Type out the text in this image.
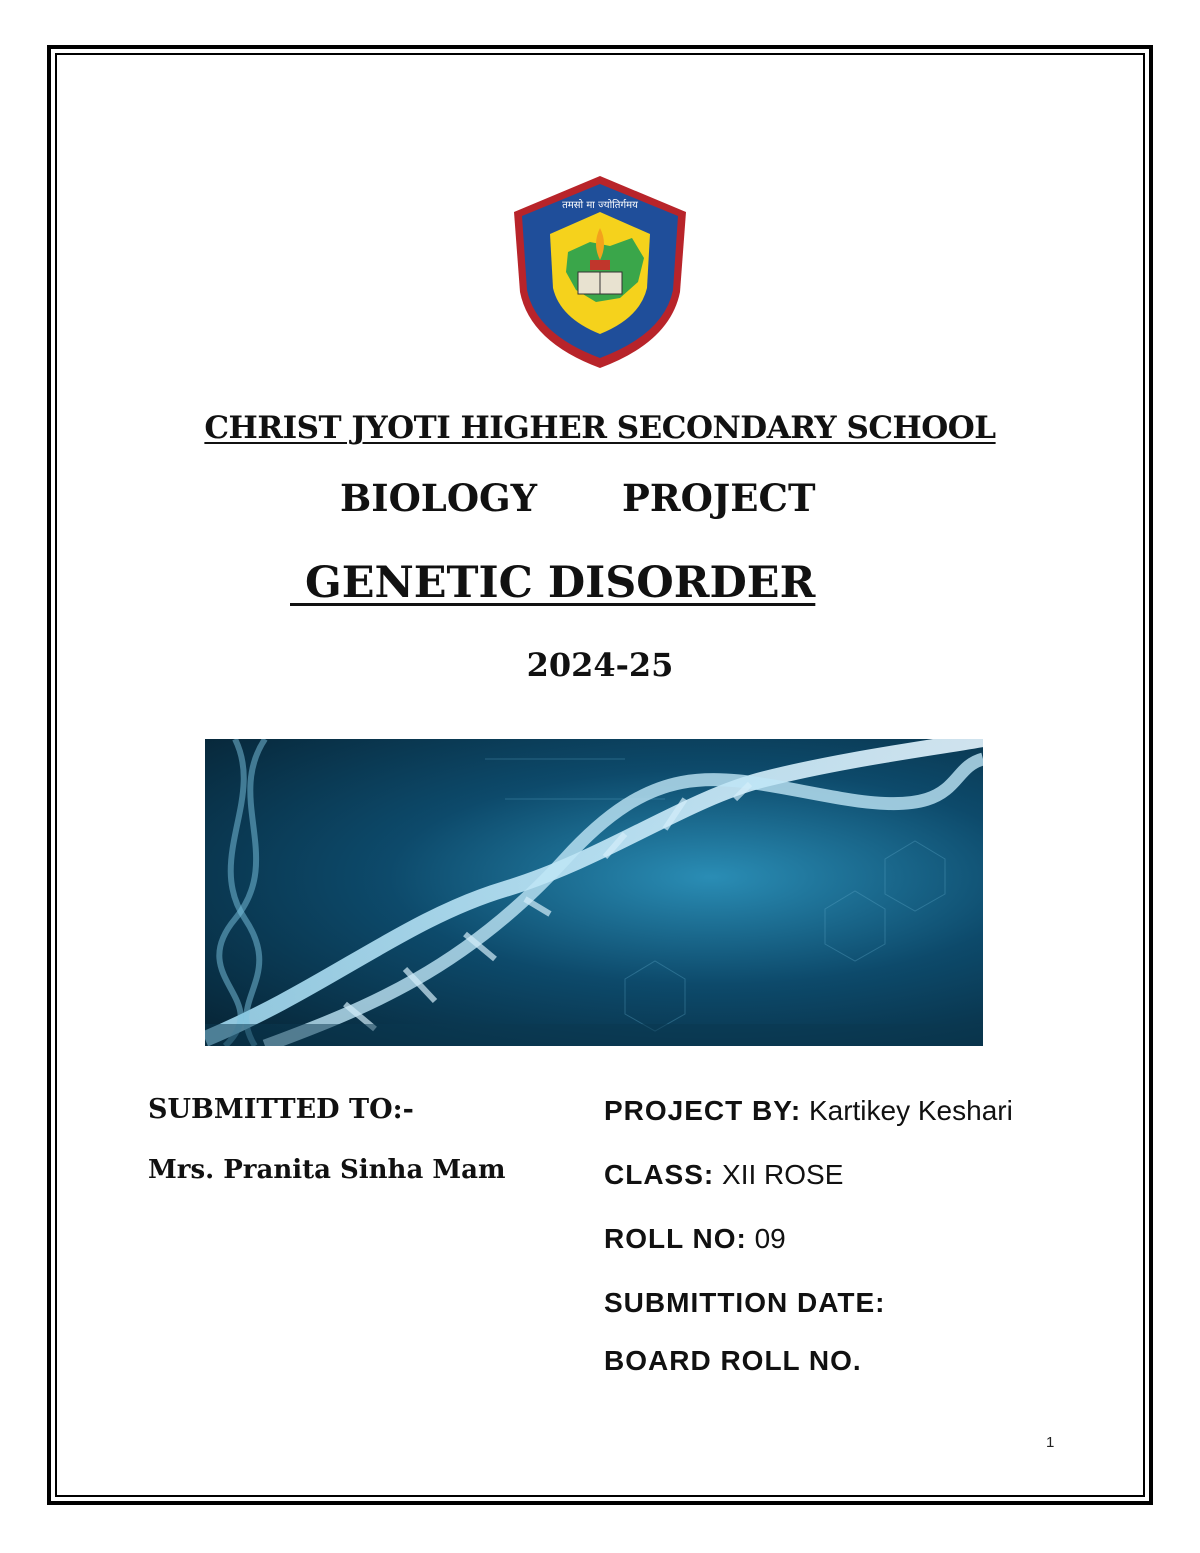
तमसो मा ज्योतिर्गमय
CHRIST JYOTI HIGHER SECONDARY SCHOOL
BIOLOGY PROJECT
GENETIC DISORDER
2024-25
SUBMITTED TO:-
Mrs. Pranita Sinha Mam
PROJECT BY: Kartikey Keshari
CLASS: XII ROSE
ROLL NO: 09
SUBMITTION DATE:
BOARD ROLL NO.
1
